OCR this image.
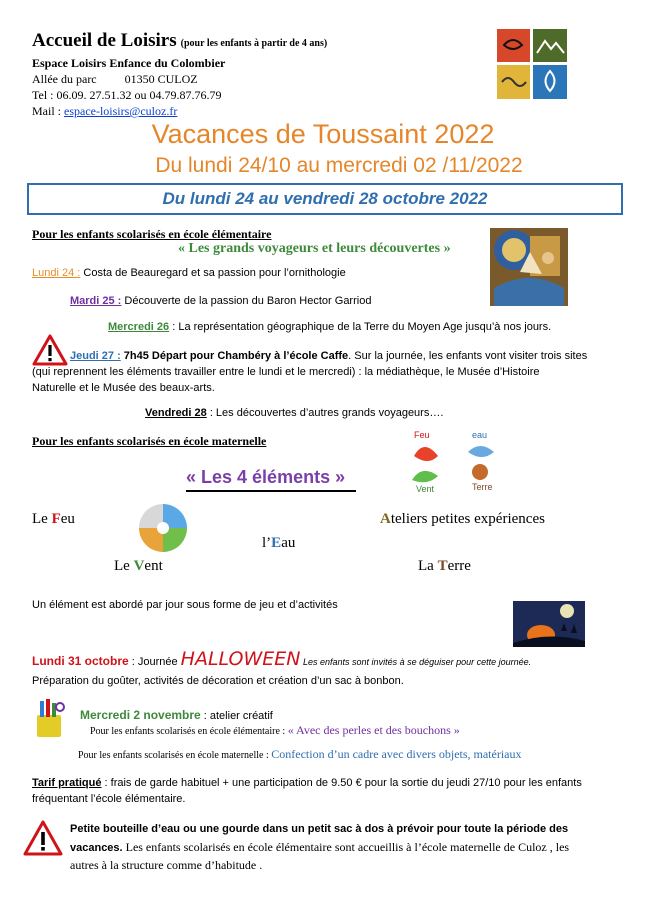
Accueil de Loisirs (pour les enfants à partir de 4 ans)
Espace Loisirs Enfance du Colombier
Allée du parc 01350 CULOZ
Tel : 06.09. 27.51.32 ou 04.79.87.76.79
Mail : espace-loisirs@culoz.fr
Vacances de Toussaint 2022
Du lundi 24/10 au mercredi 02 /11/2022
Du lundi 24 au vendredi 28 octobre 2022
Pour les enfants scolarisés en école élémentaire
« Les grands voyageurs et leurs découvertes »
Lundi 24 : Costa de Beauregard et sa passion pour l’ornithologie
Mardi 25 : Découverte de la passion du Baron Hector Garriod
Mercredi 26 : La représentation géographique de la Terre du Moyen Age jusqu’à nos jours.
Jeudi 27 : 7h45 Départ pour Chambéry à l’école Caffe. Sur la journée, les enfants vont visiter trois sites
(qui reprennent les éléments travailler entre le lundi et le mercredi) : la médiathèque, le Musée d’Histoire
Naturelle et le Musée des beaux-arts.
Vendredi 28 : Les découvertes d’autres grands voyageurs….
Pour les enfants scolarisés en école maternelle
« Les 4 éléments »
Feu	eau
Vent	Terre
Le Feu	Ateliers petites expériences
l’Eau
Le Vent	La Terre
Un élément est abordé par jour sous forme de jeu et d’activités
Lundi 31 octobre : Journée HALLOWEEN Les enfants sont invités à se déguiser pour cette journée.
Préparation du goûter, activités de décoration et création d’un sac à bonbon.
Mercredi 2 novembre : atelier créatif
Pour les enfants scolarisés en école élémentaire : « Avec des perles et des bouchons »
Pour les enfants scolarisés en école maternelle : Confection d’un cadre avec divers objets, matériaux
Tarif pratiqué : frais de garde habituel + une participation de 9.50 € pour la sortie du jeudi 27/10 pour les enfants
fréquentant l’école élémentaire.
Petite bouteille d’eau ou une gourde dans un petit sac à dos à prévoir pour toute la période des
vacances. Les enfants scolarisés en école élémentaire sont accueillis à l’école maternelle de Culoz , les
autres à la structure comme d’habitude .
